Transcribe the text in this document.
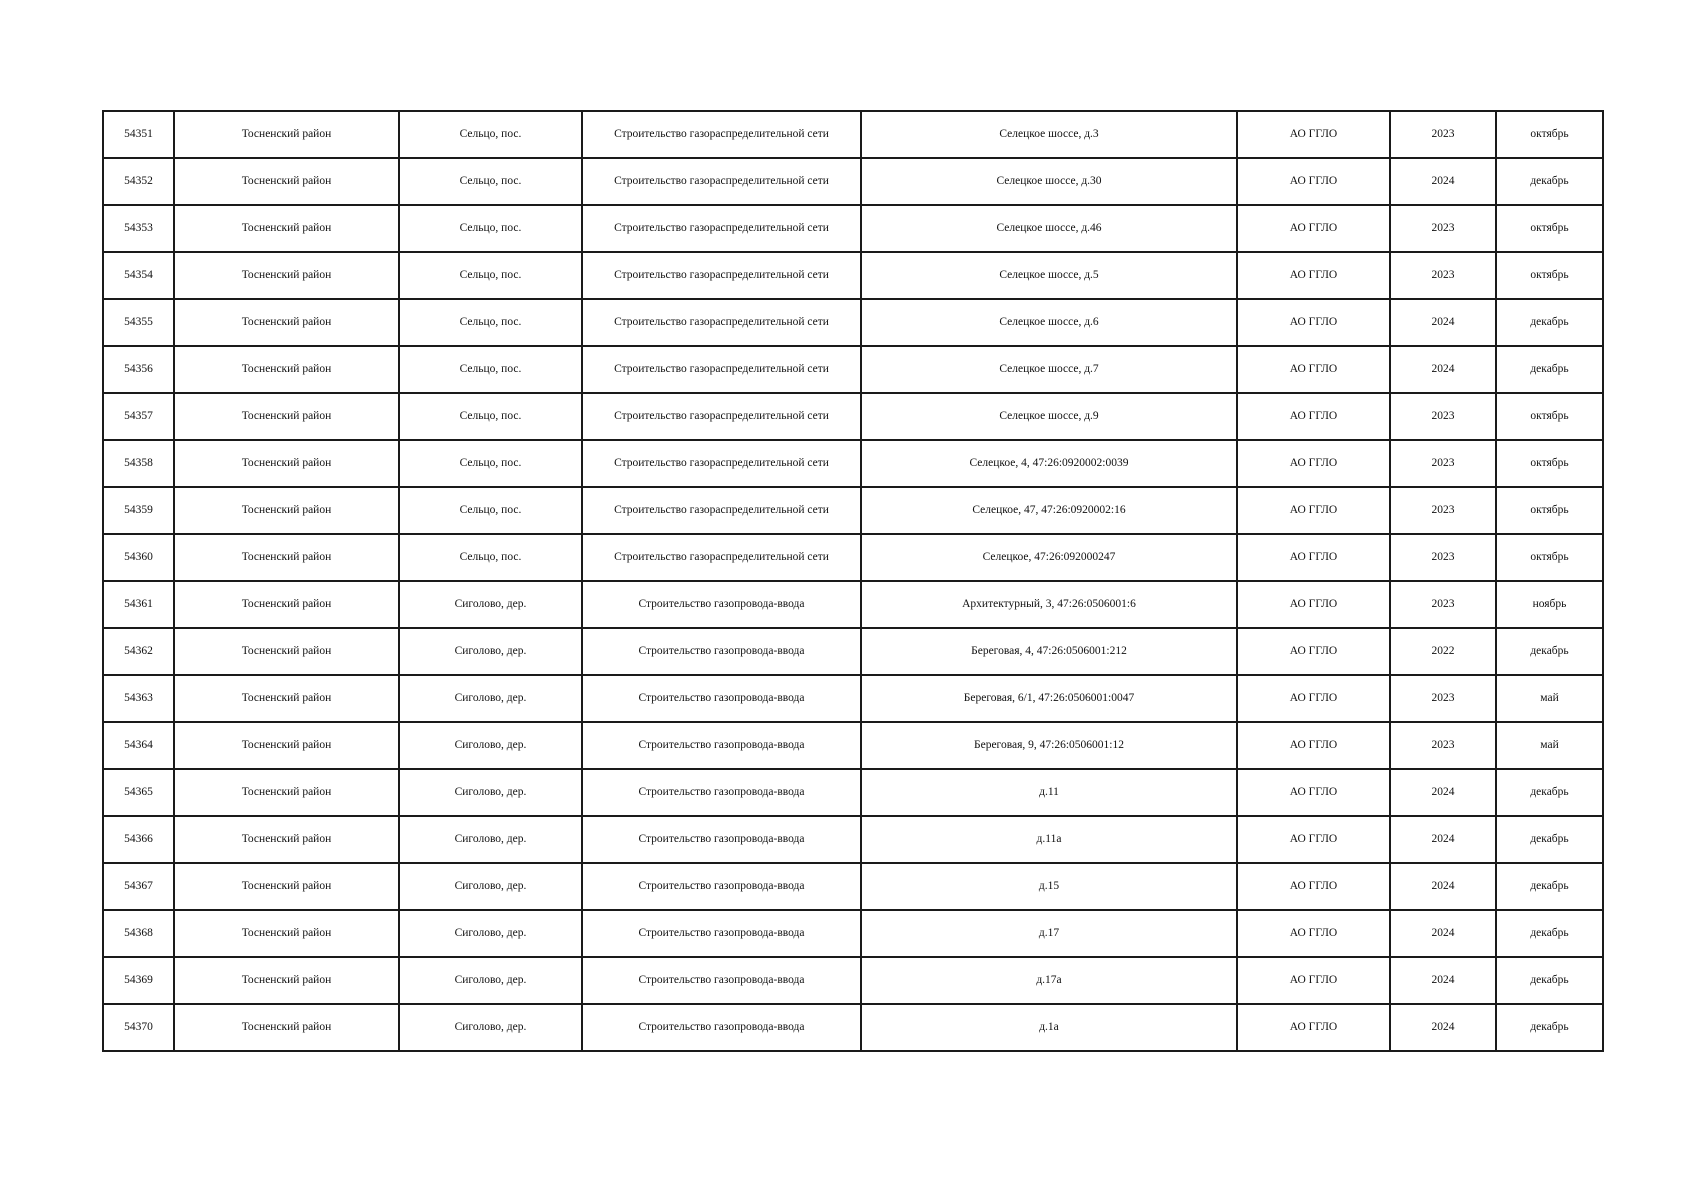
54351	Тосненский район	Сельцо, пос.	Строительство газораспределительной сети	Селецкое шоссе, д.3	АО ГГЛО	2023	октябрь
54352	Тосненский район	Сельцо, пос.	Строительство газораспределительной сети	Селецкое шоссе, д.30	АО ГГЛО	2024	декабрь
54353	Тосненский район	Сельцо, пос.	Строительство газораспределительной сети	Селецкое шоссе, д.46	АО ГГЛО	2023	октябрь
54354	Тосненский район	Сельцо, пос.	Строительство газораспределительной сети	Селецкое шоссе, д.5	АО ГГЛО	2023	октябрь
54355	Тосненский район	Сельцо, пос.	Строительство газораспределительной сети	Селецкое шоссе, д.6	АО ГГЛО	2024	декабрь
54356	Тосненский район	Сельцо, пос.	Строительство газораспределительной сети	Селецкое шоссе, д.7	АО ГГЛО	2024	декабрь
54357	Тосненский район	Сельцо, пос.	Строительство газораспределительной сети	Селецкое шоссе, д.9	АО ГГЛО	2023	октябрь
54358	Тосненский район	Сельцо, пос.	Строительство газораспределительной сети	Селецкое, 4, 47:26:0920002:0039	АО ГГЛО	2023	октябрь
54359	Тосненский район	Сельцо, пос.	Строительство газораспределительной сети	Селецкое, 47, 47:26:0920002:16	АО ГГЛО	2023	октябрь
54360	Тосненский район	Сельцо, пос.	Строительство газораспределительной сети	Селецкое, 47:26:092000247	АО ГГЛО	2023	октябрь
54361	Тосненский район	Сиголово, дер.	Строительство газопровода-ввода	Архитектурный, 3, 47:26:0506001:6	АО ГГЛО	2023	ноябрь
54362	Тосненский район	Сиголово, дер.	Строительство газопровода-ввода	Береговая, 4, 47:26:0506001:212	АО ГГЛО	2022	декабрь
54363	Тосненский район	Сиголово, дер.	Строительство газопровода-ввода	Береговая, 6/1, 47:26:0506001:0047	АО ГГЛО	2023	май
54364	Тосненский район	Сиголово, дер.	Строительство газопровода-ввода	Береговая, 9, 47:26:0506001:12	АО ГГЛО	2023	май
54365	Тосненский район	Сиголово, дер.	Строительство газопровода-ввода	д.11	АО ГГЛО	2024	декабрь
54366	Тосненский район	Сиголово, дер.	Строительство газопровода-ввода	д.11а	АО ГГЛО	2024	декабрь
54367	Тосненский район	Сиголово, дер.	Строительство газопровода-ввода	д.15	АО ГГЛО	2024	декабрь
54368	Тосненский район	Сиголово, дер.	Строительство газопровода-ввода	д.17	АО ГГЛО	2024	декабрь
54369	Тосненский район	Сиголово, дер.	Строительство газопровода-ввода	д.17а	АО ГГЛО	2024	декабрь
54370	Тосненский район	Сиголово, дер.	Строительство газопровода-ввода	д.1а	АО ГГЛО	2024	декабрь
